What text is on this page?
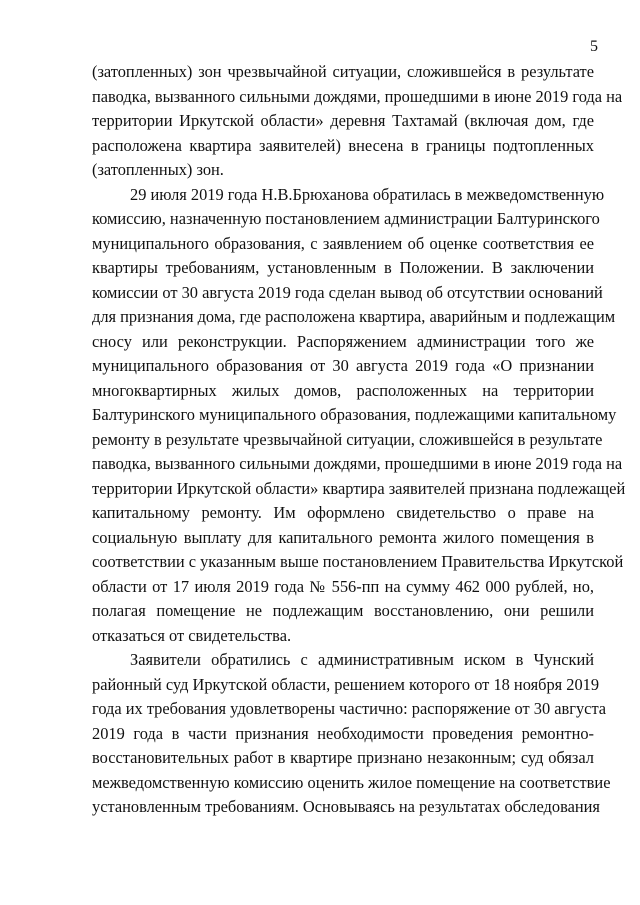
5
(затопленных) зон чрезвычайной ситуации, сложившейся в результате
паводка, вызванного сильными дождями, прошедшими в июне 2019 года на
территории Иркутской области» деревня Тахтамай (включая дом, где
расположена квартира заявителей) внесена в границы подтопленных
(затопленных) зон.
29 июля 2019 года Н.В.Брюханова обратилась в межведомственную
комиссию, назначенную постановлением администрации Балтуринского
муниципального образования, с заявлением об оценке соответствия ее
квартиры требованиям, установленным в Положении. В заключении
комиссии от 30 августа 2019 года сделан вывод об отсутствии оснований
для признания дома, где расположена квартира, аварийным и подлежащим
сносу или реконструкции. Распоряжением администрации того же
муниципального образования от 30 августа 2019 года «О признании
многоквартирных жилых домов, расположенных на территории
Балтуринского муниципального образования, подлежащими капитальному
ремонту в результате чрезвычайной ситуации, сложившейся в результате
паводка, вызванного сильными дождями, прошедшими в июне 2019 года на
территории Иркутской области» квартира заявителей признана подлежащей
капитальному ремонту. Им оформлено свидетельство о праве на
социальную выплату для капитального ремонта жилого помещения в
соответствии с указанным выше постановлением Правительства Иркутской
области от 17 июля 2019 года № 556-пп на сумму 462 000 рублей, но,
полагая помещение не подлежащим восстановлению, они решили
отказаться от свидетельства.
Заявители обратились с административным иском в Чунский
районный суд Иркутской области, решением которого от 18 ноября 2019
года их требования удовлетворены частично: распоряжение от 30 августа
2019 года в части признания необходимости проведения ремонтно-
восстановительных работ в квартире признано незаконным; суд обязал
межведомственную комиссию оценить жилое помещение на соответствие
установленным требованиям. Основываясь на результатах обследования
